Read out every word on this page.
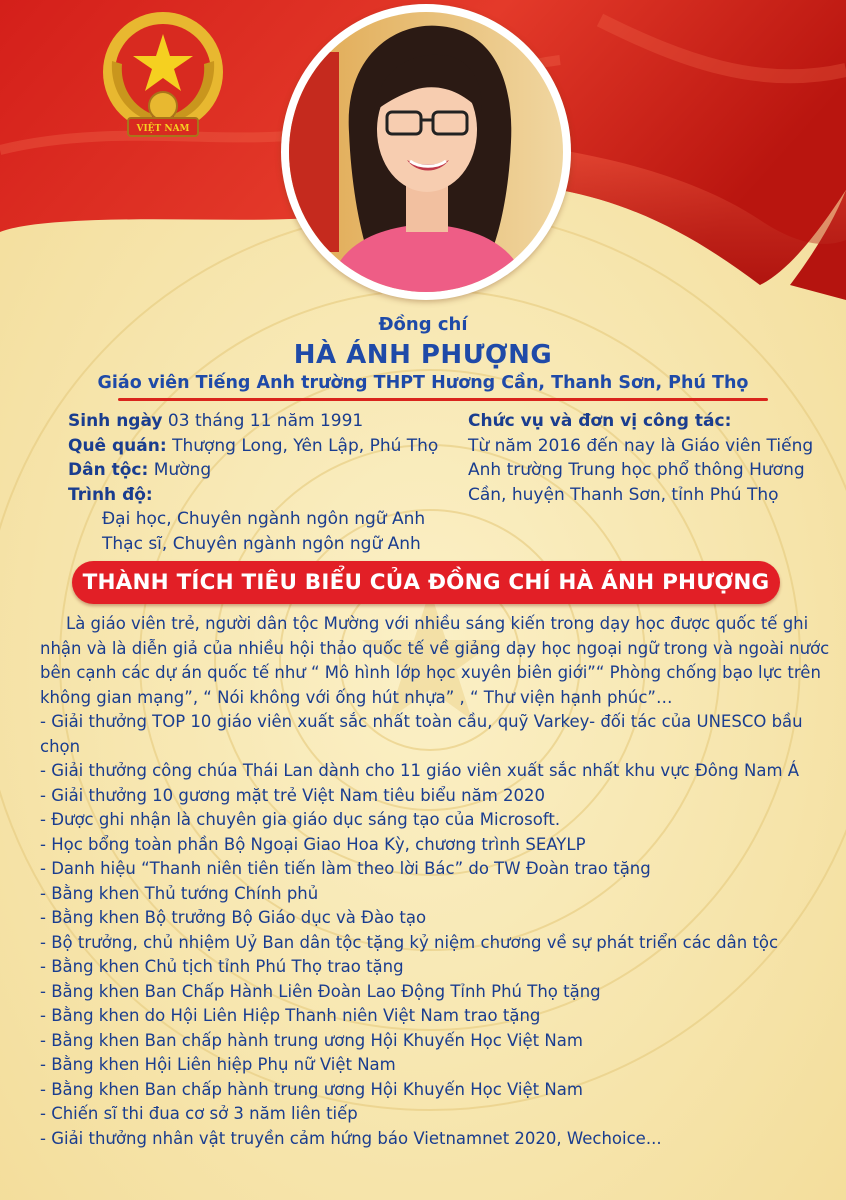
VIỆT NAM
Đồng chí
HÀ ÁNH PHƯỢNG
Giáo viên Tiếng Anh trường THPT Hương Cần, Thanh Sơn, Phú Thọ
Sinh ngày 03 tháng 11 năm 1991
Quê quán: Thượng Long, Yên Lập, Phú Thọ
Dân tộc: Mường
Trình độ:
Đại học, Chuyên ngành ngôn ngữ Anh
Thạc sĩ, Chuyên ngành ngôn ngữ Anh
Chức vụ và đơn vị công tác:
Từ năm 2016 đến nay là Giáo viên Tiếng
Anh trường Trung học phổ thông Hương
Cần, huyện Thanh Sơn, tỉnh Phú Thọ
THÀNH TÍCH TIÊU BIỂU CỦA ĐỒNG CHÍ HÀ ÁNH PHƯỢNG

Là giáo viên trẻ, người dân tộc Mường với nhiều sáng kiến trong dạy học được quốc tế ghi nhận và là diễn giả của nhiều hội thảo quốc tế về giảng dạy học ngoại ngữ trong và ngoài nước bên cạnh các dự án quốc tế như “ Mô hình lớp học xuyên biên giới”“ Phòng chống bạo lực trên không gian mạng”, “ Nói không với ống hút nhựa” , “ Thư viện hạnh phúc”…

- Giải thưởng TOP 10 giáo viên xuất sắc nhất toàn cầu, quỹ Varkey- đối tác của UNESCO bầu chọn
- Giải thưởng công chúa Thái Lan dành cho 11 giáo viên xuất sắc nhất khu vực Đông Nam Á
- Giải thưởng 10 gương mặt trẻ Việt Nam tiêu biểu năm 2020
- Được ghi nhận là chuyên gia giáo dục sáng tạo của Microsoft.
- Học bổng toàn phần Bộ Ngoại Giao Hoa Kỳ, chương trình SEAYLP
- Danh hiệu “Thanh niên tiên tiến làm theo lời Bác” do TW Đoàn trao tặng
- Bằng khen Thủ tướng Chính phủ
- Bằng khen Bộ trưởng Bộ Giáo dục và Đào tạo
- Bộ trưởng, chủ nhiệm Uỷ Ban dân tộc tặng kỷ niệm chương về sự phát triển các dân tộc
- Bằng khen Chủ tịch tỉnh Phú Thọ trao tặng
- Bằng khen Ban Chấp Hành Liên Đoàn Lao Động Tỉnh Phú Thọ tặng
- Bằng khen do Hội Liên Hiệp Thanh niên Việt Nam trao tặng
- Bằng khen Ban chấp hành trung ương Hội Khuyến Học Việt Nam
- Bằng khen Hội Liên hiệp Phụ nữ Việt Nam
- Bằng khen Ban chấp hành trung ương Hội Khuyến Học Việt Nam
- Chiến sĩ thi đua cơ sở 3 năm liên tiếp
- Giải thưởng nhân vật truyền cảm hứng báo Vietnamnet 2020, Wechoice...
